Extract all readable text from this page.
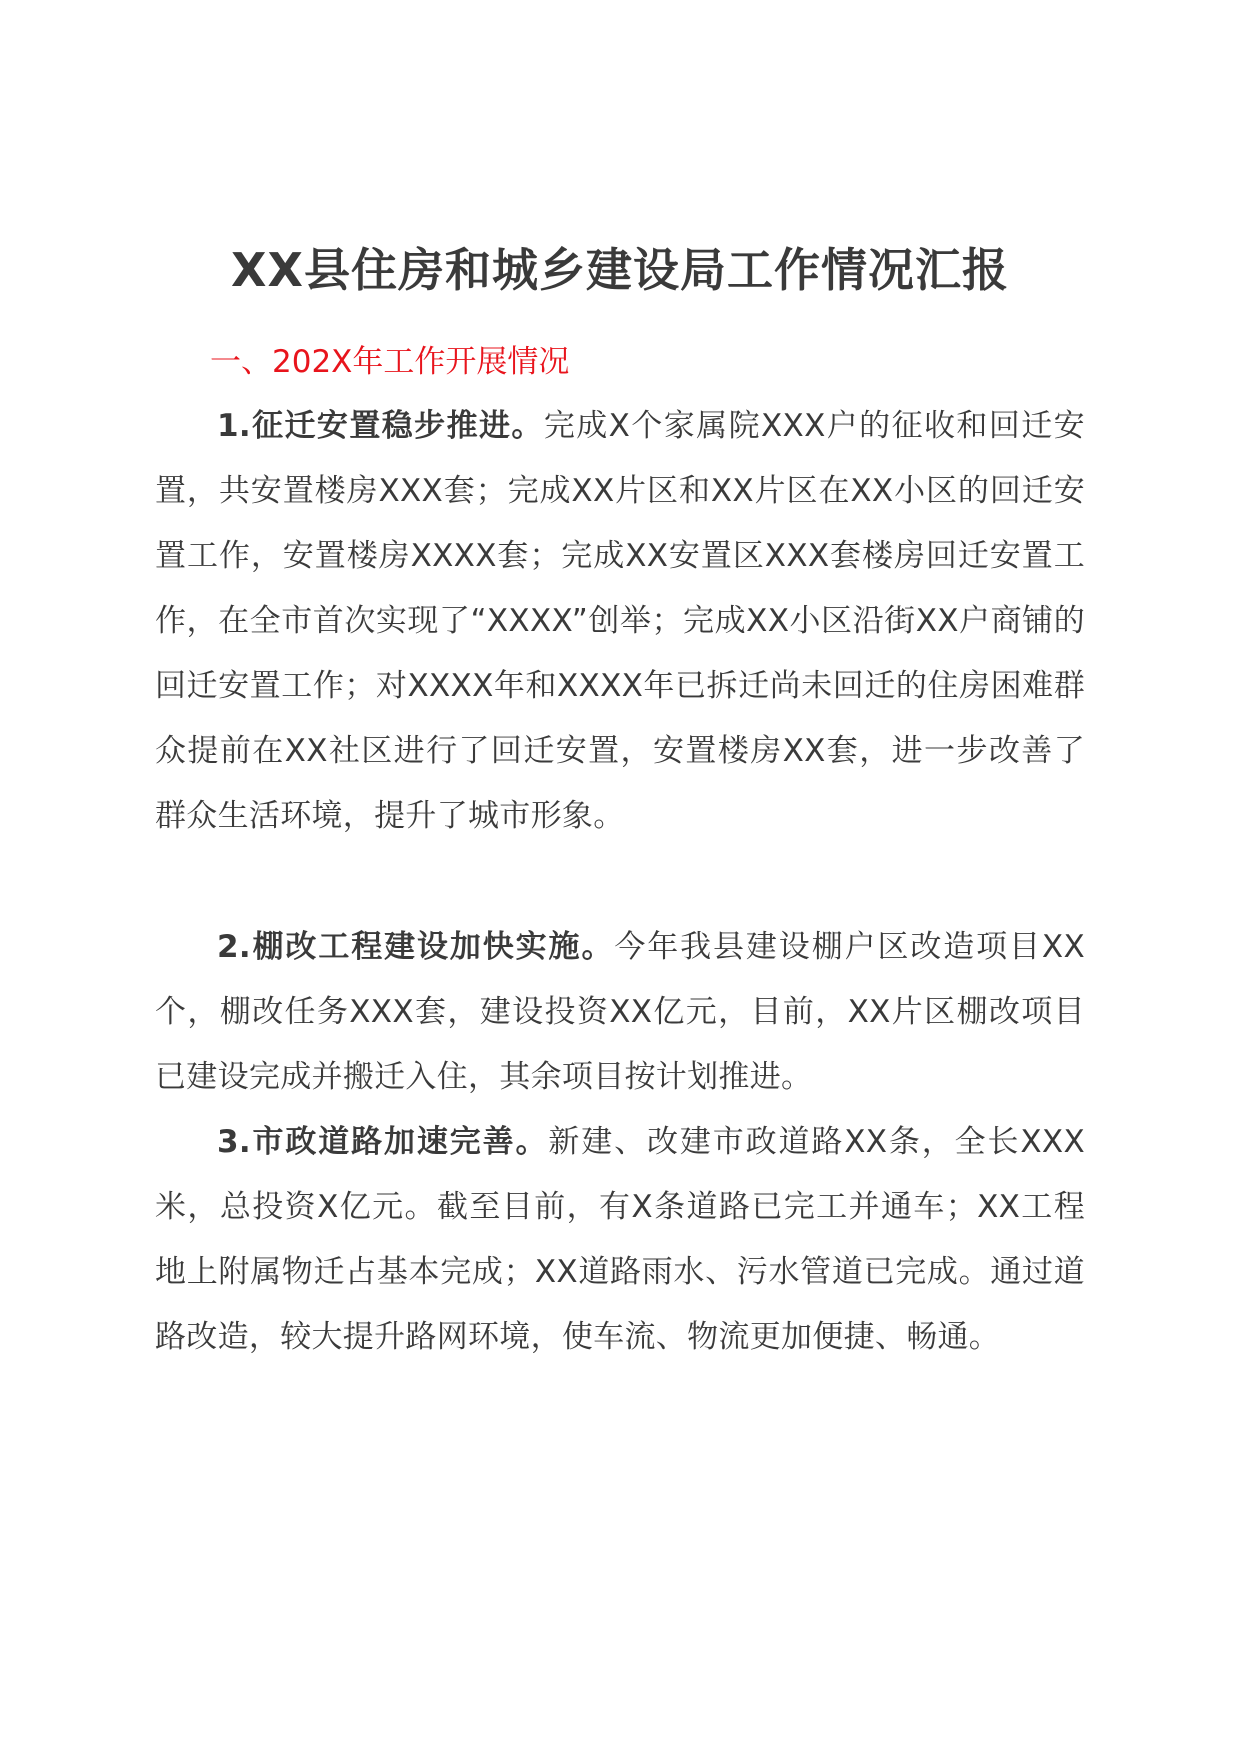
XX县住房和城乡建设局工作情况汇报
一、202X年工作开展情况

1.征迁安置稳步推进。完成X个家属院XXX户的征收和回迁安置，共安置楼房XXX套；完成XX片区和XX片区在XX小区的回迁安置工作，安置楼房XXXX套；完成XX安置区XXX套楼房回迁安置工作，在全市首次实现了“XXXX”创举；完成XX小区沿街XX户商铺的回迁安置工作；对XXXX年和XXXX年已拆迁尚未回迁的住房困难群众提前在XX社区进行了回迁安置，安置楼房XX套，进一步改善了群众生活环境，提升了城市形象。

2.棚改工程建设加快实施。今年我县建设棚户区改造项目XX个，棚改任务XXX套，建设投资XX亿元，目前，XX片区棚改项目已建设完成并搬迁入住，其余项目按计划推进。

3.市政道路加速完善。新建、改建市政道路XX条，全长XXX米，总投资X亿元。截至目前，有X条道路已完工并通车；XX工程地上附属物迁占基本完成；XX道路雨水、污水管道已完成。通过道路改造，较大提升路网环境，使车流、物流更加便捷、畅通。
